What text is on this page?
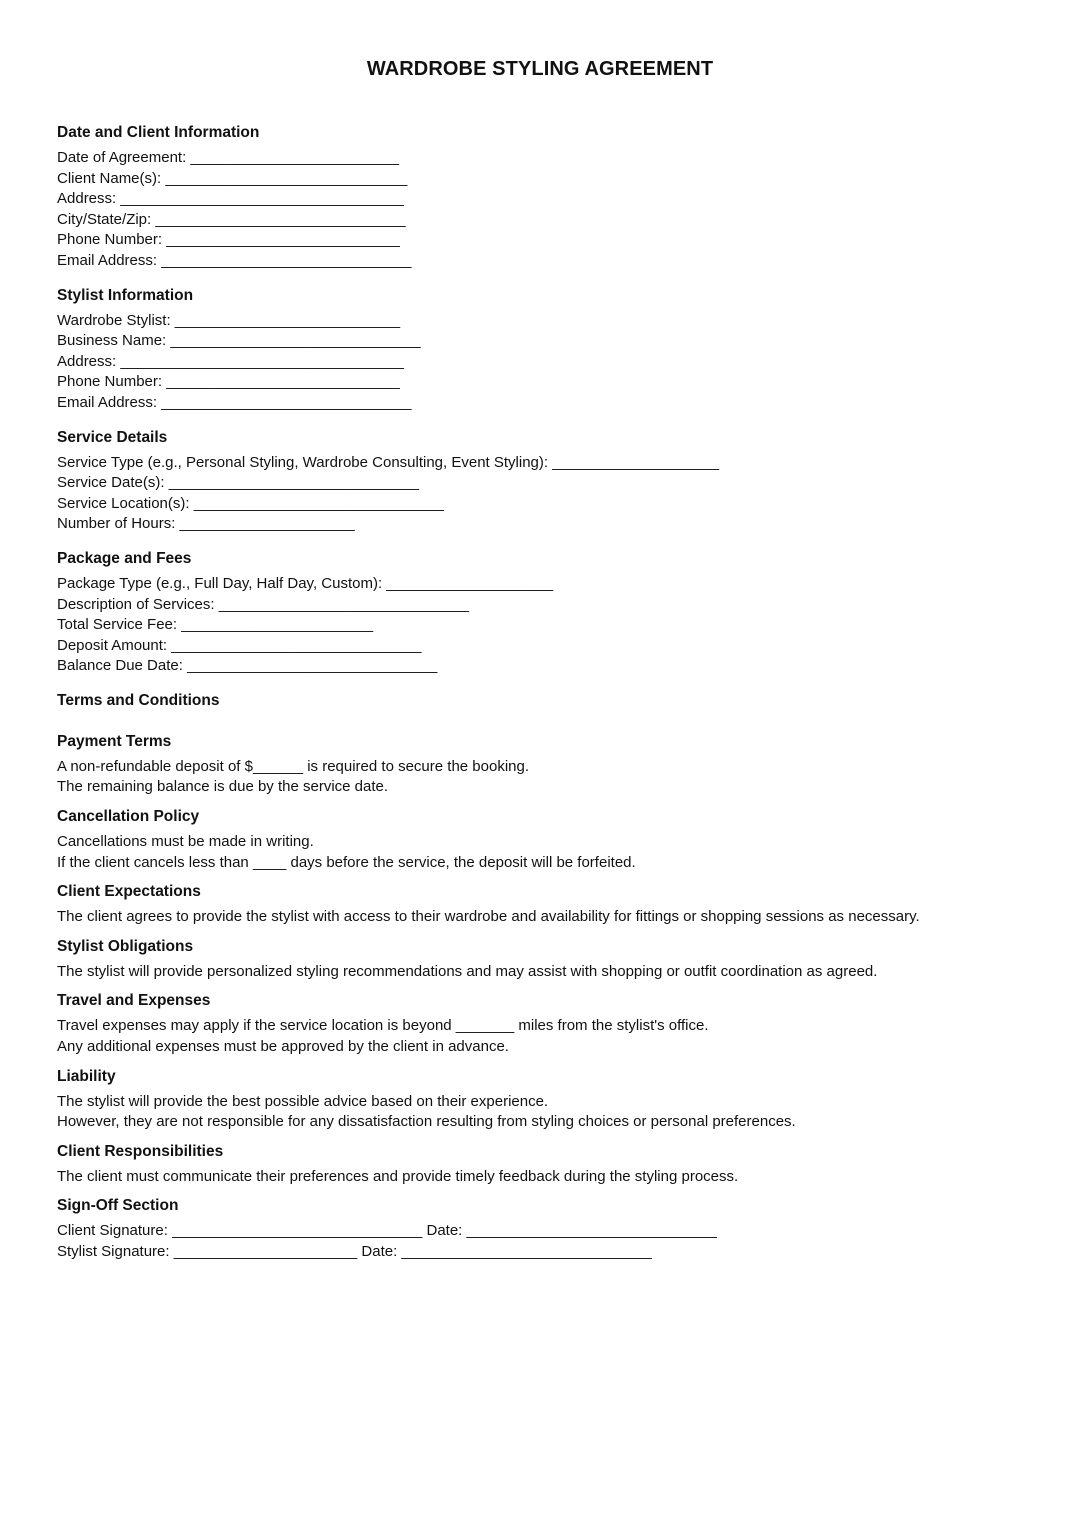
WARDROBE STYLING AGREEMENT
Date and Client Information
Date of Agreement: _________________________
Client Name(s): _____________________________
Address: __________________________________
City/State/Zip: ______________________________
Phone Number: ____________________________
Email Address: ______________________________
Stylist Information
Wardrobe Stylist: ___________________________
Business Name: ______________________________
Address: __________________________________
Phone Number: ____________________________
Email Address: ______________________________
Service Details
Service Type (e.g., Personal Styling, Wardrobe Consulting, Event Styling): ____________________
Service Date(s): ______________________________
Service Location(s): ______________________________
Number of Hours: _____________________
Package and Fees
Package Type (e.g., Full Day, Half Day, Custom): ____________________
Description of Services: ______________________________
Total Service Fee: _______________________
Deposit Amount: ______________________________
Balance Due Date: ______________________________
Terms and Conditions
Payment Terms
A non-refundable deposit of $______ is required to secure the booking.
The remaining balance is due by the service date.
Cancellation Policy
Cancellations must be made in writing.
If the client cancels less than ____ days before the service, the deposit will be forfeited.
Client Expectations
The client agrees to provide the stylist with access to their wardrobe and availability for fittings or shopping sessions as necessary.
Stylist Obligations
The stylist will provide personalized styling recommendations and may assist with shopping or outfit coordination as agreed.
Travel and Expenses
Travel expenses may apply if the service location is beyond _______ miles from the stylist's office.
Any additional expenses must be approved by the client in advance.
Liability
The stylist will provide the best possible advice based on their experience.
However, they are not responsible for any dissatisfaction resulting from styling choices or personal preferences.
Client Responsibilities
The client must communicate their preferences and provide timely feedback during the styling process.
Sign-Off Section
Client Signature: ______________________________ Date: ______________________________
Stylist Signature: ______________________ Date: ______________________________
